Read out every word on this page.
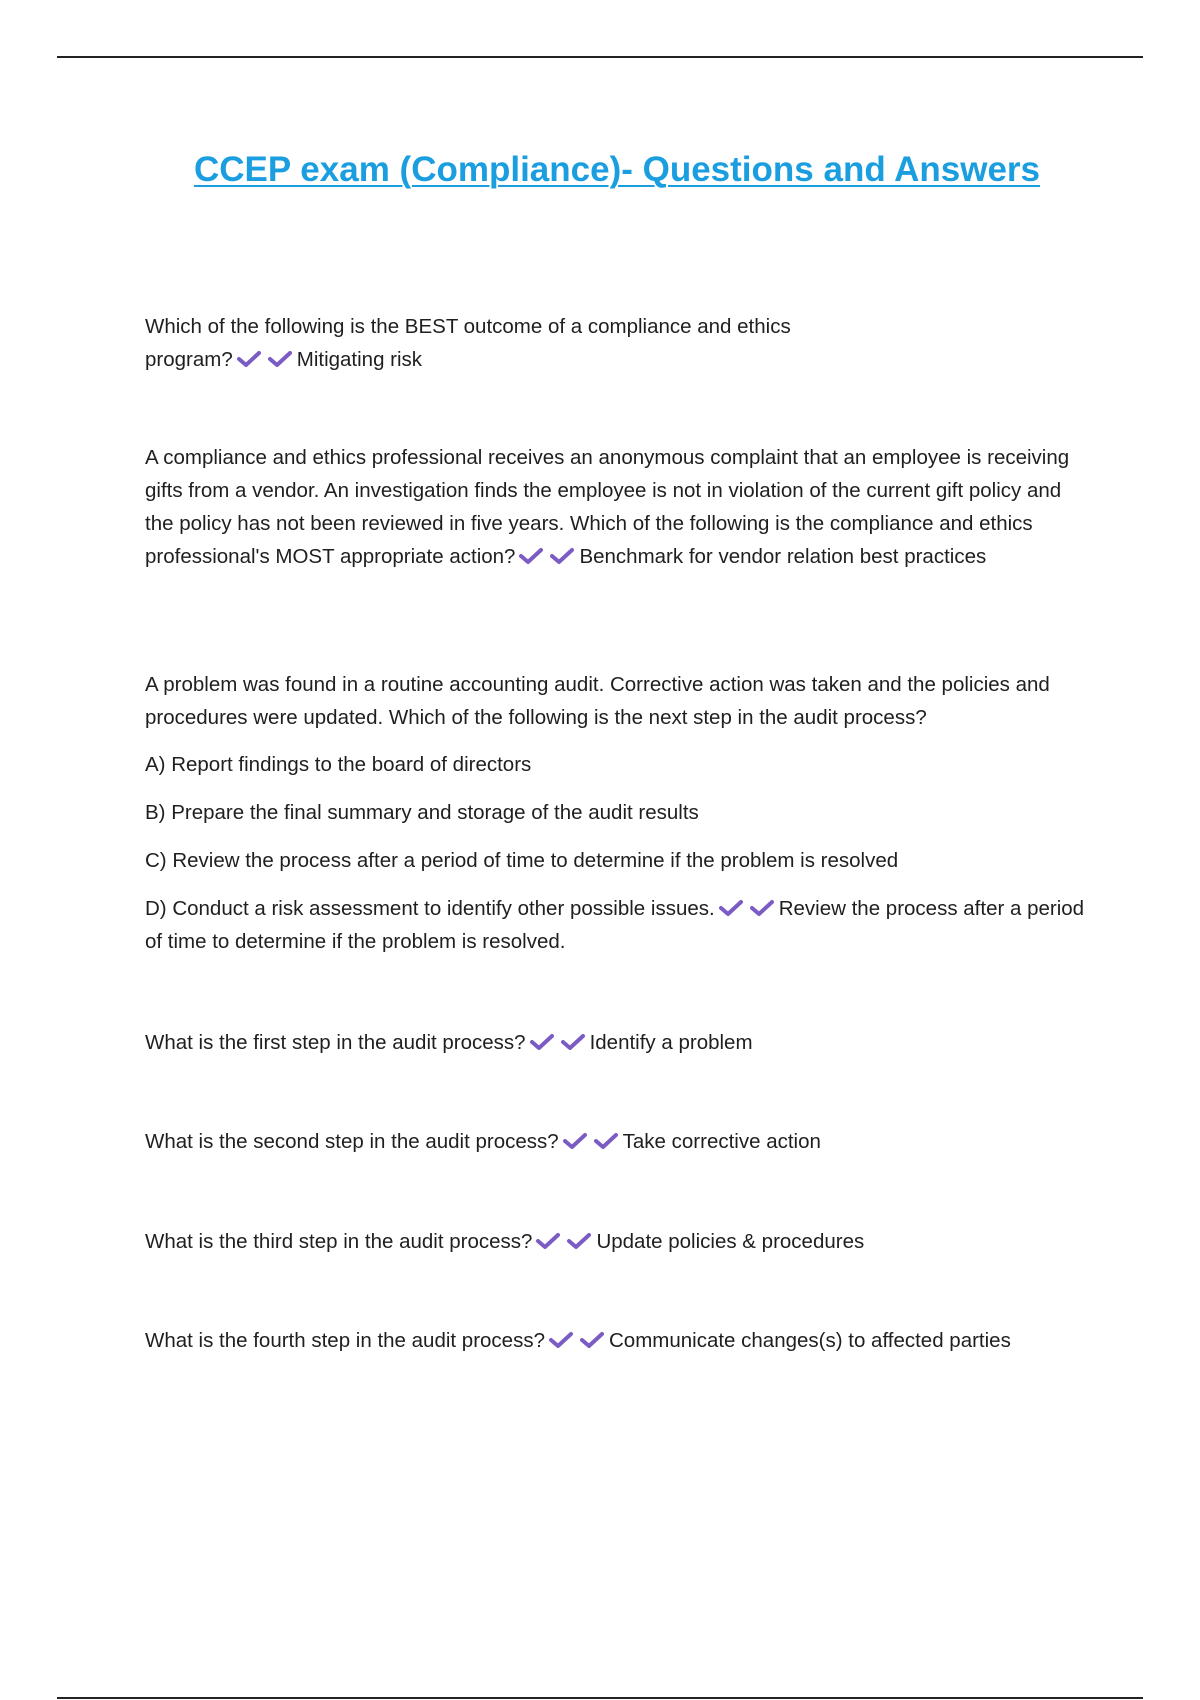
CCEP exam (Compliance)- Questions and Answers

Which of the following is the BEST outcome of a compliance and ethics program?	Mitigating risk

A compliance and ethics professional receives an anonymous complaint that an employee is receiving gifts from a vendor. An investigation finds the employee is not in violation of the current gift policy and the policy has not been reviewed in five years. Which of the following is the compliance and ethics professional's MOST appropriate action?	Benchmark for vendor relation best practices

A problem was found in a routine accounting audit. Corrective action was taken and the policies and procedures were updated. Which of the following is the next step in the audit process?

A) Report findings to the board of directors

B) Prepare the final summary and storage of the audit results

C) Review the process after a period of time to determine if the problem is resolved

D) Conduct a risk assessment to identify other possible issues.	Review the process after a period of time to determine if the problem is resolved.

What is the first step in the audit process?	Identify a problem

What is the second step in the audit process?	Take corrective action

What is the third step in the audit process?	Update policies & procedures

What is the fourth step in the audit process?	Communicate changes(s) to affected parties
